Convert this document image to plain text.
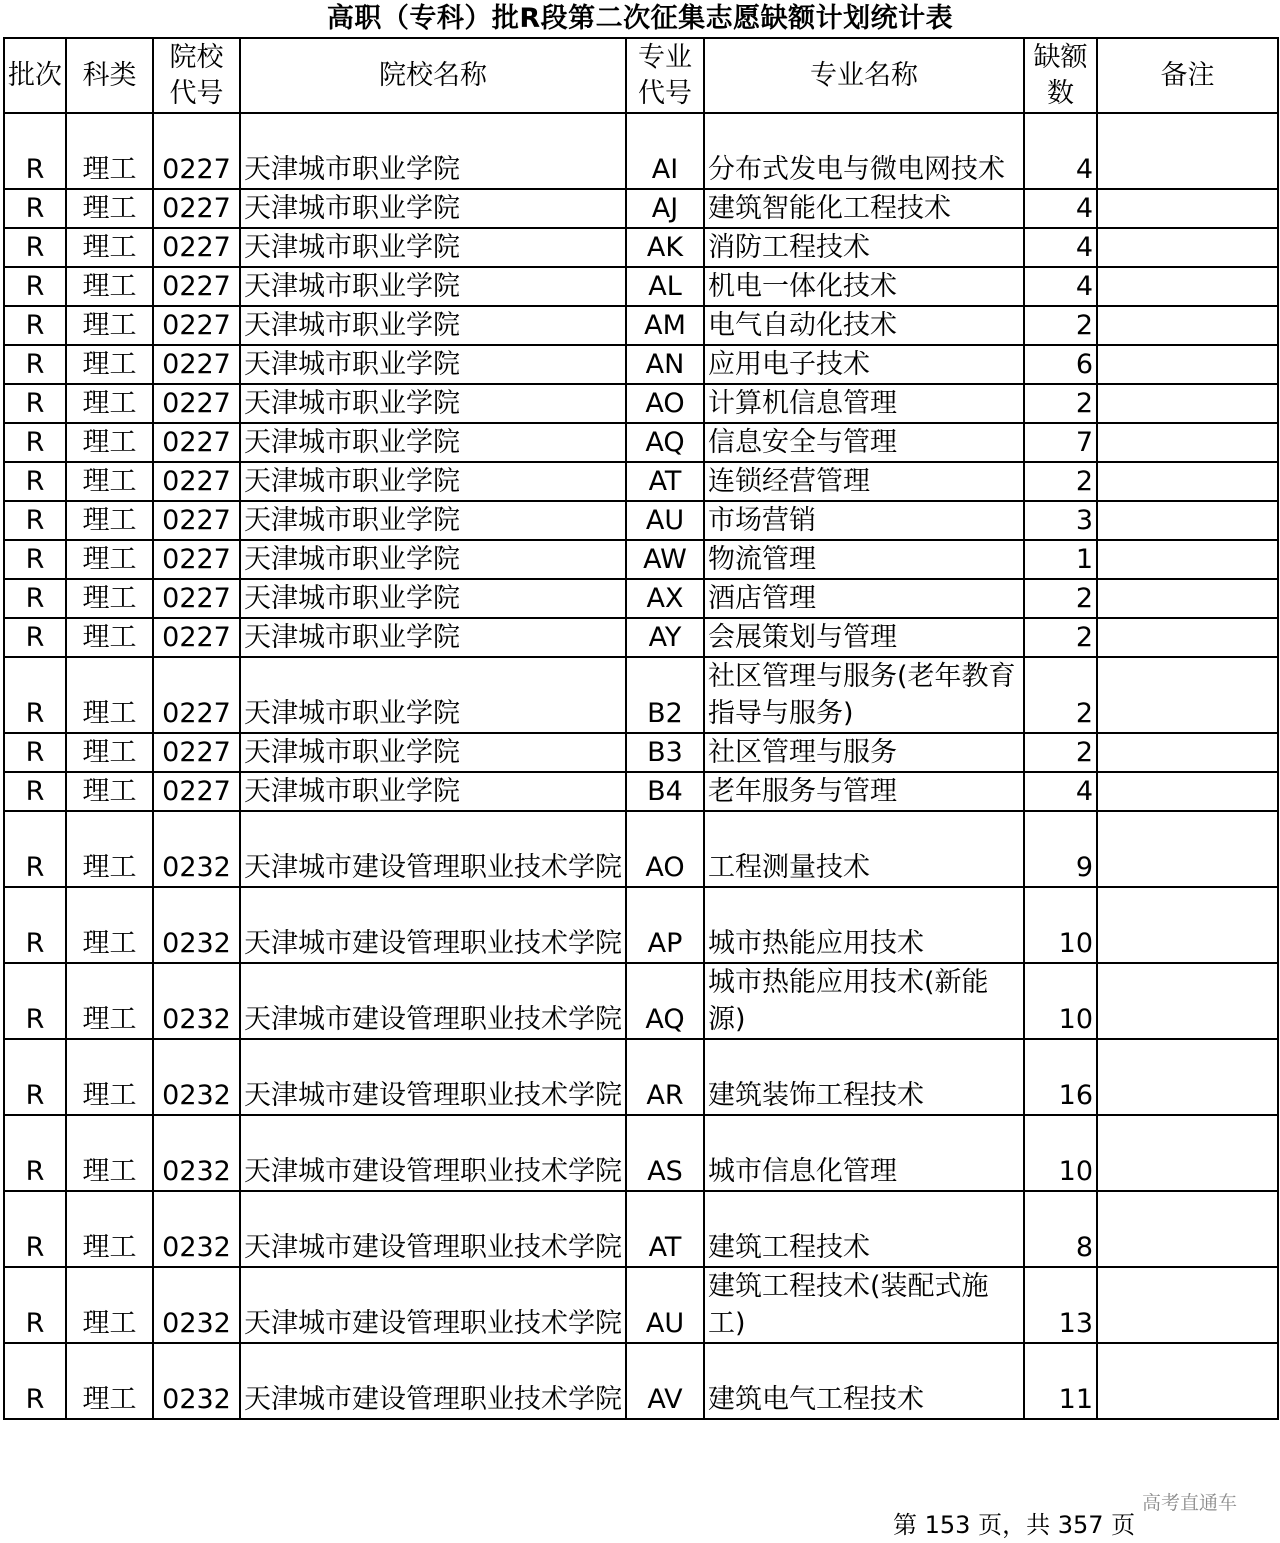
高职（专科）批R段第二次征集志愿缺额计划统计表
批次	科类	院校代号	院校名称	专业代号	专业名称	缺额数	备注
R	理工	0227	天津城市职业学院	AI	分布式发电与微电网技术	4	
R	理工	0227	天津城市职业学院	AJ	建筑智能化工程技术	4	
R	理工	0227	天津城市职业学院	AK	消防工程技术	4	
R	理工	0227	天津城市职业学院	AL	机电一体化技术	4	
R	理工	0227	天津城市职业学院	AM	电气自动化技术	2	
R	理工	0227	天津城市职业学院	AN	应用电子技术	6	
R	理工	0227	天津城市职业学院	AO	计算机信息管理	2	
R	理工	0227	天津城市职业学院	AQ	信息安全与管理	7	
R	理工	0227	天津城市职业学院	AT	连锁经营管理	2	
R	理工	0227	天津城市职业学院	AU	市场营销	3	
R	理工	0227	天津城市职业学院	AW	物流管理	1	
R	理工	0227	天津城市职业学院	AX	酒店管理	2	
R	理工	0227	天津城市职业学院	AY	会展策划与管理	2	
R	理工	0227	天津城市职业学院	B2	社区管理与服务(老年教育指导与服务)	2	
R	理工	0227	天津城市职业学院	B3	社区管理与服务	2	
R	理工	0227	天津城市职业学院	B4	老年服务与管理	4	
R	理工	0232	天津城市建设管理职业技术学院	AO	工程测量技术	9	
R	理工	0232	天津城市建设管理职业技术学院	AP	城市热能应用技术	10	
R	理工	0232	天津城市建设管理职业技术学院	AQ	城市热能应用技术(新能源)	10	
R	理工	0232	天津城市建设管理职业技术学院	AR	建筑装饰工程技术	16	
R	理工	0232	天津城市建设管理职业技术学院	AS	城市信息化管理	10	
R	理工	0232	天津城市建设管理职业技术学院	AT	建筑工程技术	8	
R	理工	0232	天津城市建设管理职业技术学院	AU	建筑工程技术(装配式施工)	13	
R	理工	0232	天津城市建设管理职业技术学院	AV	建筑电气工程技术	11	
高考直通车
第 153 页，共 357 页
